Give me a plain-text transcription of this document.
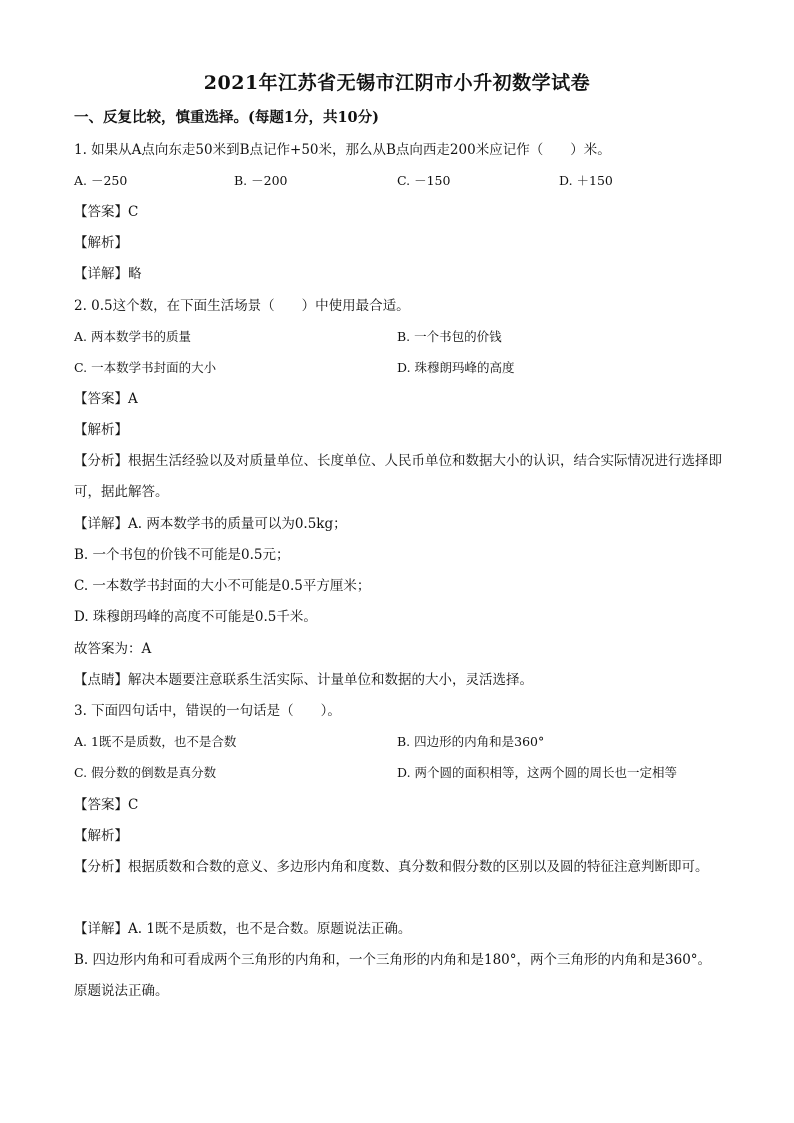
2021年江苏省无锡市江阴市小升初数学试卷
一、反复比较，慎重选择。(每题1分，共10分)
1. 如果从A点向东走50米到B点记作+50米，那么从B点向西走200米应记作（　　）米。
A. －250	B. －200	C. －150	D. ＋150
【答案】C
【解析】
【详解】略
2. 0.5这个数，在下面生活场景（　　）中使用最合适。
A. 两本数学书的质量	B. 一个书包的价钱
C. 一本数学书封面的大小	D. 珠穆朗玛峰的高度
【答案】A
【解析】
【分析】根据生活经验以及对质量单位、长度单位、人民币单位和数据大小的认识，结合实际情况进行选择即可，据此解答。
【详解】A. 两本数学书的质量可以为0.5kg；
B. 一个书包的价钱不可能是0.5元；
C. 一本数学书封面的大小不可能是0.5平方厘米；
D. 珠穆朗玛峰的高度不可能是0.5千米。
故答案为：A
【点睛】解决本题要注意联系生活实际、计量单位和数据的大小，灵活选择。
3. 下面四句话中，错误的一句话是（　　）。
A. 1既不是质数，也不是合数	B. 四边形的内角和是360°
C. 假分数的倒数是真分数	D. 两个圆的面积相等，这两个圆的周长也一定相等
【答案】C
【解析】
【分析】根据质数和合数的意义、多边形内角和度数、真分数和假分数的区别以及圆的特征注意判断即可。
【详解】A. 1既不是质数，也不是合数。原题说法正确。
B. 四边形内角和可看成两个三角形的内角和，一个三角形的内角和是180°，两个三角形的内角和是360°。原题说法正确。
